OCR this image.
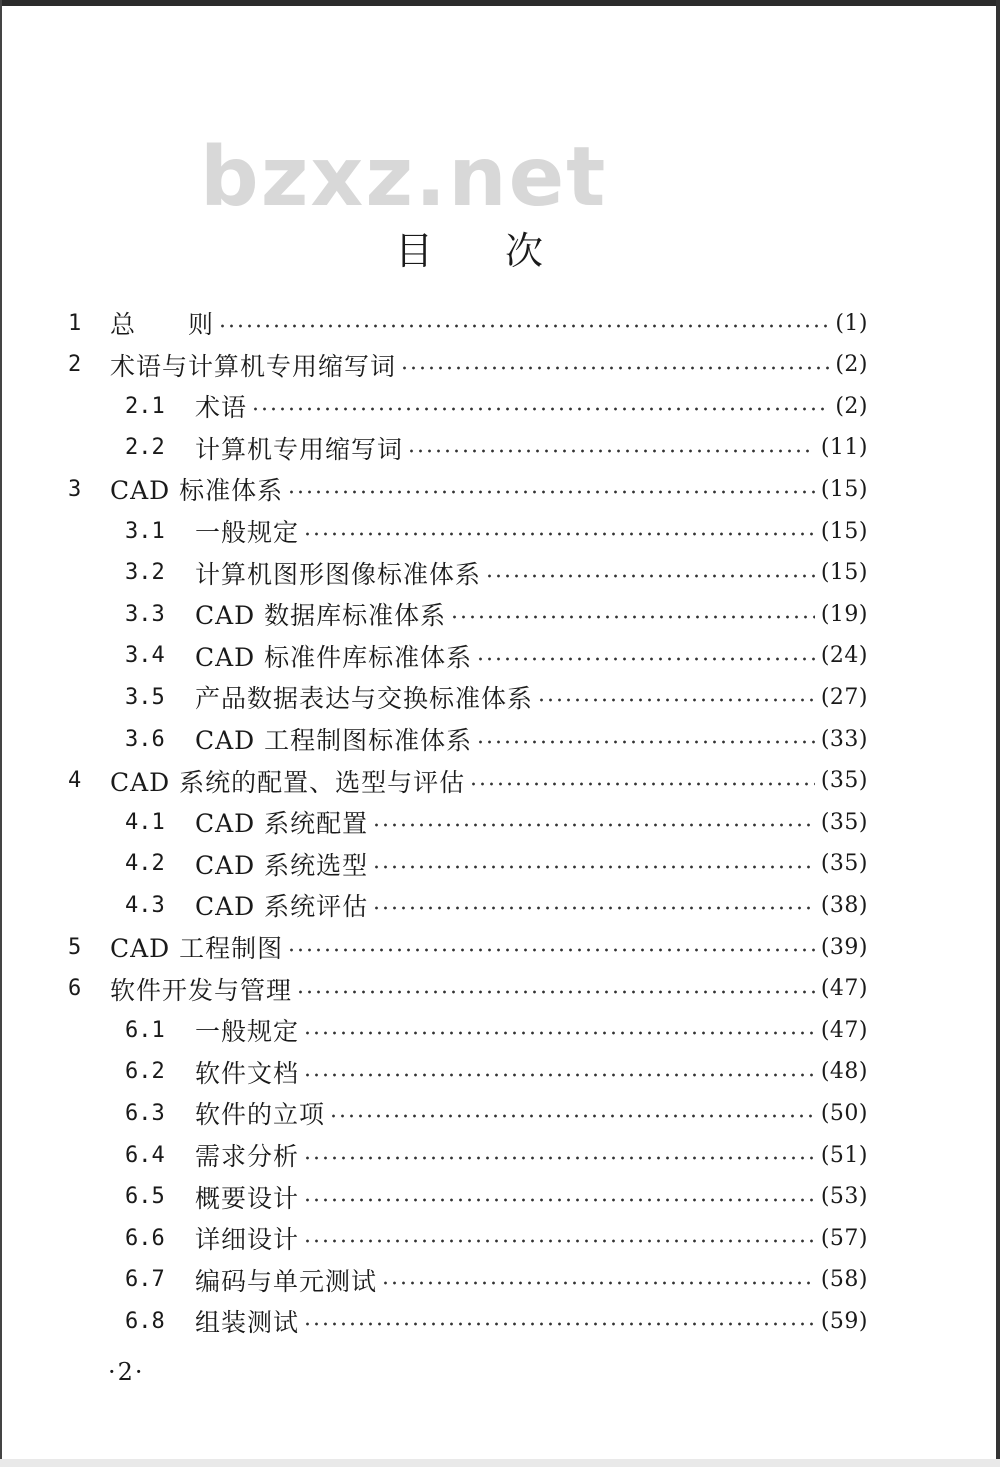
bzxz.net
目 次
1	总　　则	(1)
2	术语与计算机专用缩写词	(2)
2.1	术语	(2)
2.2	计算机专用缩写词	(11)
3	CAD 标准体系	(15)
3.1	一般规定	(15)
3.2	计算机图形图像标准体系	(15)
3.3	CAD 数据库标准体系	(19)
3.4	CAD 标准件库标准体系	(24)
3.5	产品数据表达与交换标准体系	(27)
3.6	CAD 工程制图标准体系	(33)
4	CAD 系统的配置、选型与评估	(35)
4.1	CAD 系统配置	(35)
4.2	CAD 系统选型	(35)
4.3	CAD 系统评估	(38)
5	CAD 工程制图	(39)
6	软件开发与管理	(47)
6.1	一般规定	(47)
6.2	软件文档	(48)
6.3	软件的立项	(50)
6.4	需求分析	(51)
6.5	概要设计	(53)
6.6	详细设计	(57)
6.7	编码与单元测试	(58)
6.8	组装测试	(59)
·2·
